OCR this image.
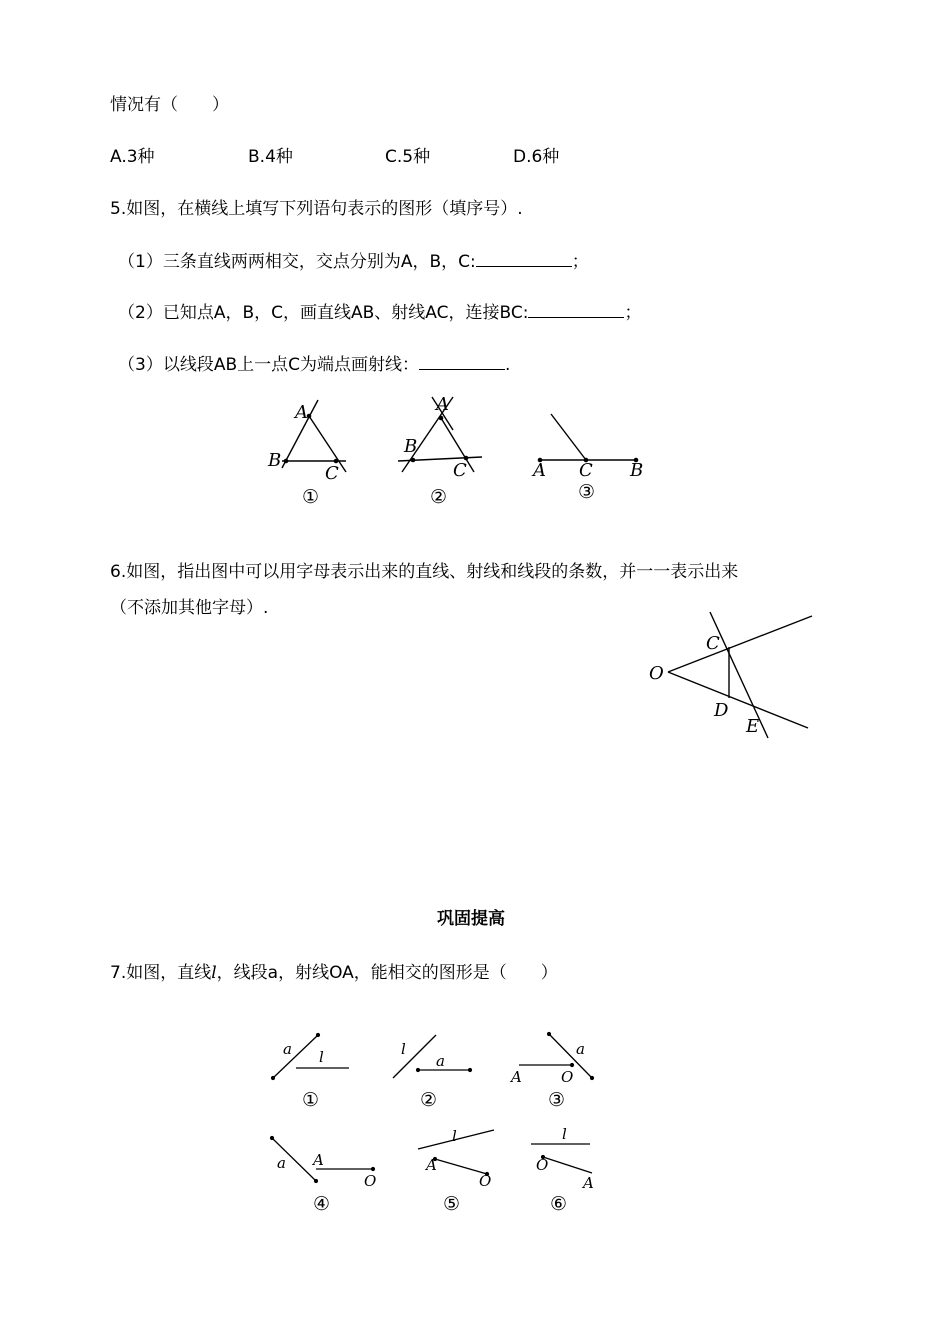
情况有（　　）
A.3种	B.4种	C.5种	D.6种
5.如图，在横线上填写下列语句表示的图形（填序号）.
（1）三条直线两两相交，交点分别为A，B，C:	；
（2）已知点A，B，C，画直线AB、射线AC，连接BC:	；
（3）以线段AB上一点C为端点画射线：	.
A
B
C
①
A
B
C
②
A C B
③
6.如图，指出图中可以用字母表示出来的直线、射线和线段的条数，并一一表示出来
（不添加其他字母）.
O
C
D
E
巩固提高
7.如图，直线l，线段a，射线OA，能相交的图形是（　　）
a l
①
l
a
②
a
A	O
③
a A
O
④
l
A
O
⑤
l
O
A
⑥
